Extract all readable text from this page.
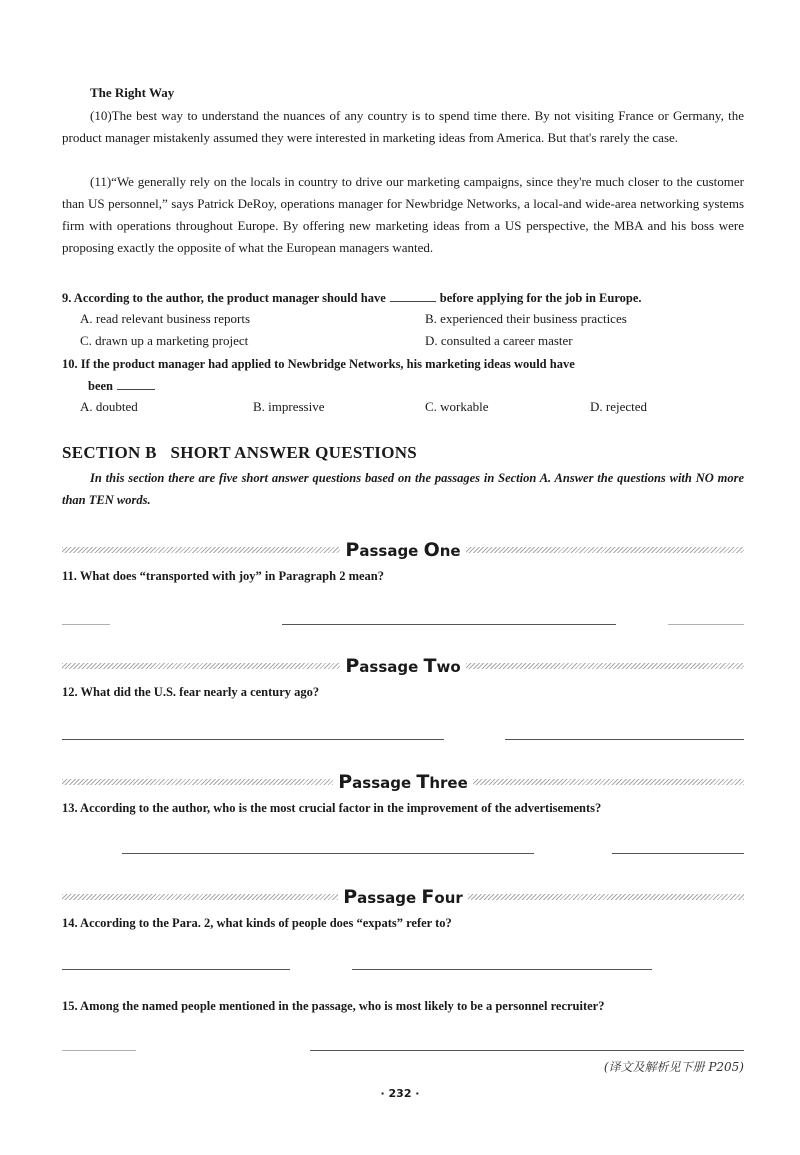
The Right Way

(10)The best way to understand the nuances of any country is to spend time there. By not visiting France or Germany, the product manager mistakenly assumed they were interested in marketing ideas from America. But that's rarely the case.

(11)“We generally rely on the locals in country to drive our marketing campaigns, since they're much closer to the customer than US personnel,” says Patrick DeRoy, operations manager for Newbridge Networks, a local-and wide-area networking systems firm with operations throughout Europe. By offering new marketing ideas from a US perspective, the MBA and his boss were proposing exactly the opposite of what the European managers wanted.

9. According to the author, the product manager should have	before applying for the job in Europe.

A. read relevant business reports	B. experienced their business practices
C. drawn up a marketing project	D. consulted a career master

10. If the product manager had applied to Newbridge Networks, his marketing ideas would have
been

A. doubted	B. impressive	C. workable	D. rejected
SECTION B   SHORT ANSWER QUESTIONS

In this section there are five short answer questions based on the passages in Section A. Answer the questions with NO more than TEN words.

Passage One

11. What does “transported with joy” in Paragraph 2 mean?

Passage Two

12. What did the U.S. fear nearly a century ago?

Passage Three

13. According to the author, who is the most crucial factor in the improvement of the advertisements?

Passage Four

14. According to the Para. 2, what kinds of people does “expats” refer to?

15. Among the named people mentioned in the passage, who is most likely to be a personnel recruiter?

(译文及解析见下册 P205)
· 232 ·
